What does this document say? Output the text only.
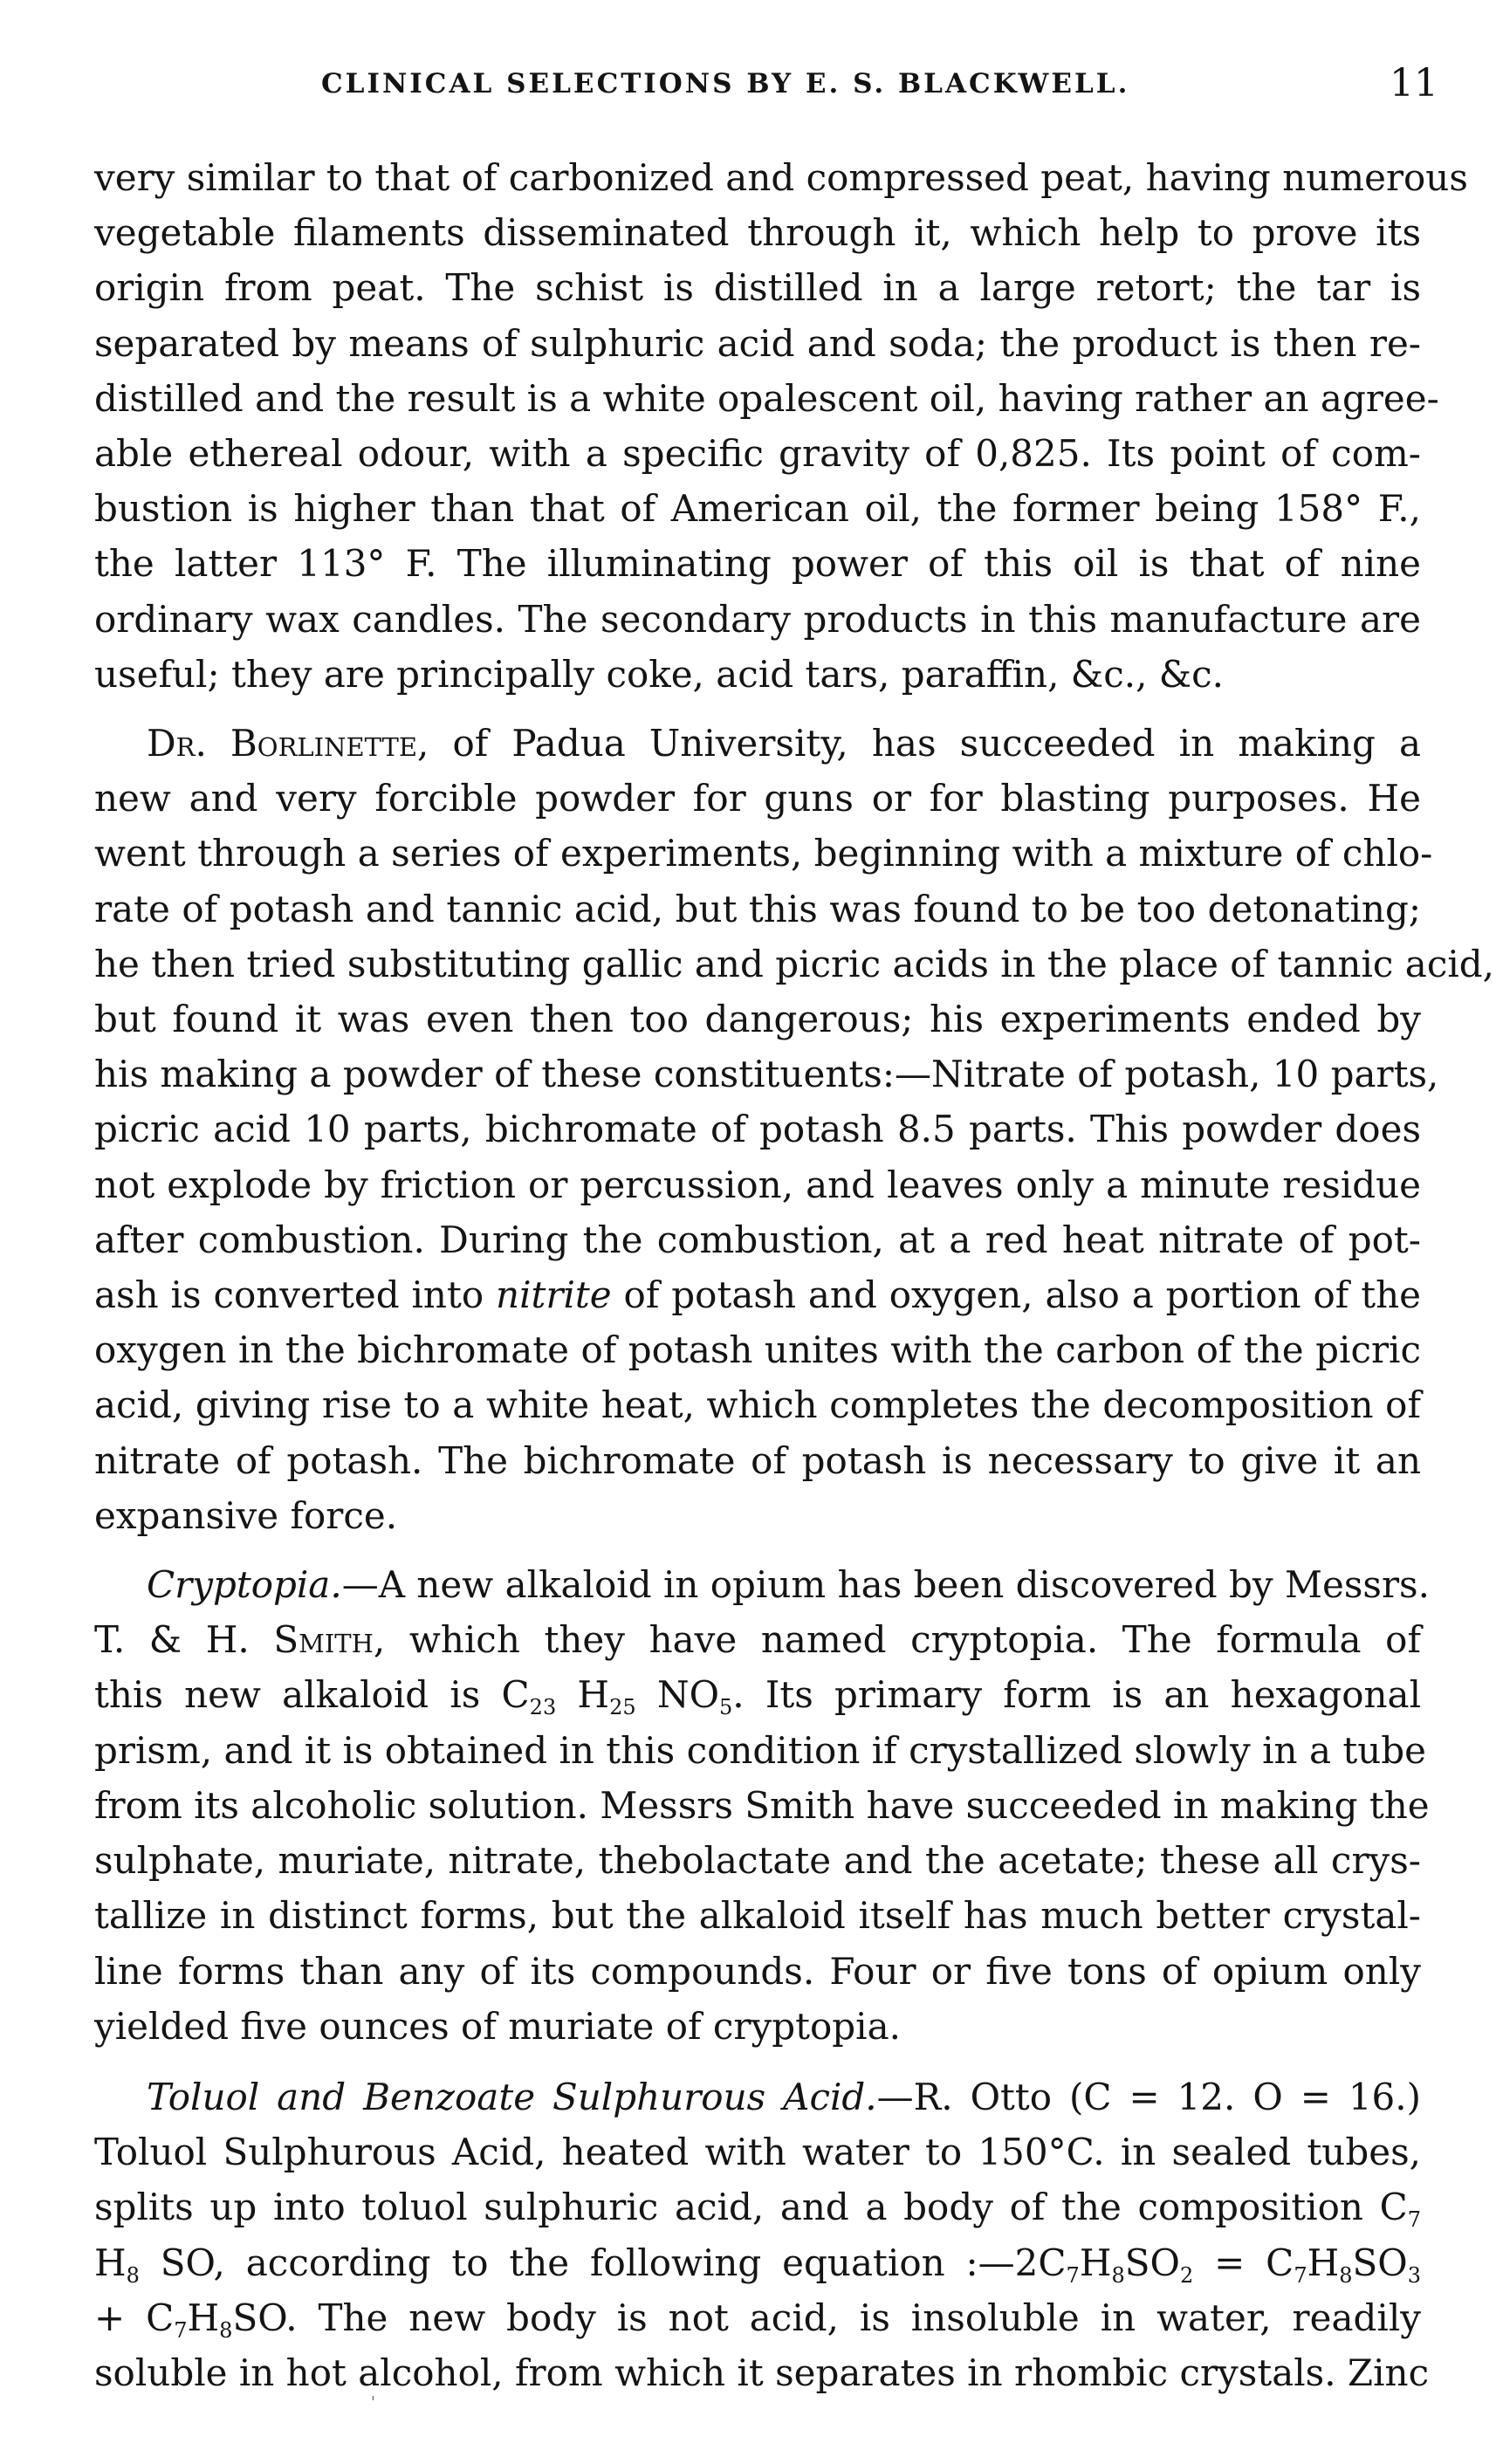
CLINICAL SELECTIONS BY E. S. BLACKWELL.	11

very similar to that of carbonized and compressed peat, having numerous
vegetable filaments disseminated through it, which help to prove its
origin from peat. The schist is distilled in a large retort; the tar is
separated by means of sulphuric acid and soda; the product is then re-
distilled and the result is a white opalescent oil, having rather an agree-
able ethereal odour, with a specific gravity of 0,825. Its point of com-
bustion is higher than that of American oil, the former being 158° F.,
the latter 113° F. The illuminating power of this oil is that of nine
ordinary wax candles. The secondary products in this manufacture are
useful; they are principally coke, acid tars, paraffin, &c., &c.

Dr. Borlinette, of Padua University, has succeeded in making a
new and very forcible powder for guns or for blasting purposes. He
went through a series of experiments, beginning with a mixture of chlo-
rate of potash and tannic acid, but this was found to be too detonating;
he then tried substituting gallic and picric acids in the place of tannic acid,
but found it was even then too dangerous; his experiments ended by
his making a powder of these constituents:—Nitrate of potash, 10 parts,
picric acid 10 parts, bichromate of potash 8.5 parts. This powder does
not explode by friction or percussion, and leaves only a minute residue
after combustion. During the combustion, at a red heat nitrate of pot-
ash is converted into nitrite of potash and oxygen, also a portion of the
oxygen in the bichromate of potash unites with the carbon of the picric
acid, giving rise to a white heat, which completes the decomposition of
nitrate of potash. The bichromate of potash is necessary to give it an
expansive force.

Cryptopia.—A new alkaloid in opium has been discovered by Messrs.
T. & H. Smith, which they have named cryptopia. The formula of
this new alkaloid is $C_{23}$ $H_{25}$ $NO_5$. Its primary form is an hexagonal
prism, and it is obtained in this condition if crystallized slowly in a tube
from its alcoholic solution. Messrs Smith have succeeded in making the
sulphate, muriate, nitrate, thebolactate and the acetate; these all crys-
tallize in distinct forms, but the alkaloid itself has much better crystal-
line forms than any of its compounds. Four or five tons of opium only
yielded five ounces of muriate of cryptopia.

Toluol and Benzoate Sulphurous Acid.—R. Otto (C = 12. O = 16.)
Toluol Sulphurous Acid, heated with water to 150°C. in sealed tubes,
splits up into toluol sulphuric acid, and a body of the composition $C_7$
$H_8$ SO, according to the following equation $:—2C_7H_8SO_2 = C_7H_8SO_3$
+ $C_7H_8SO$. The new body is not acid, is insoluble in water, readily
soluble in hot alcohol, from which it separates in rhombic crystals. Zinc

'
